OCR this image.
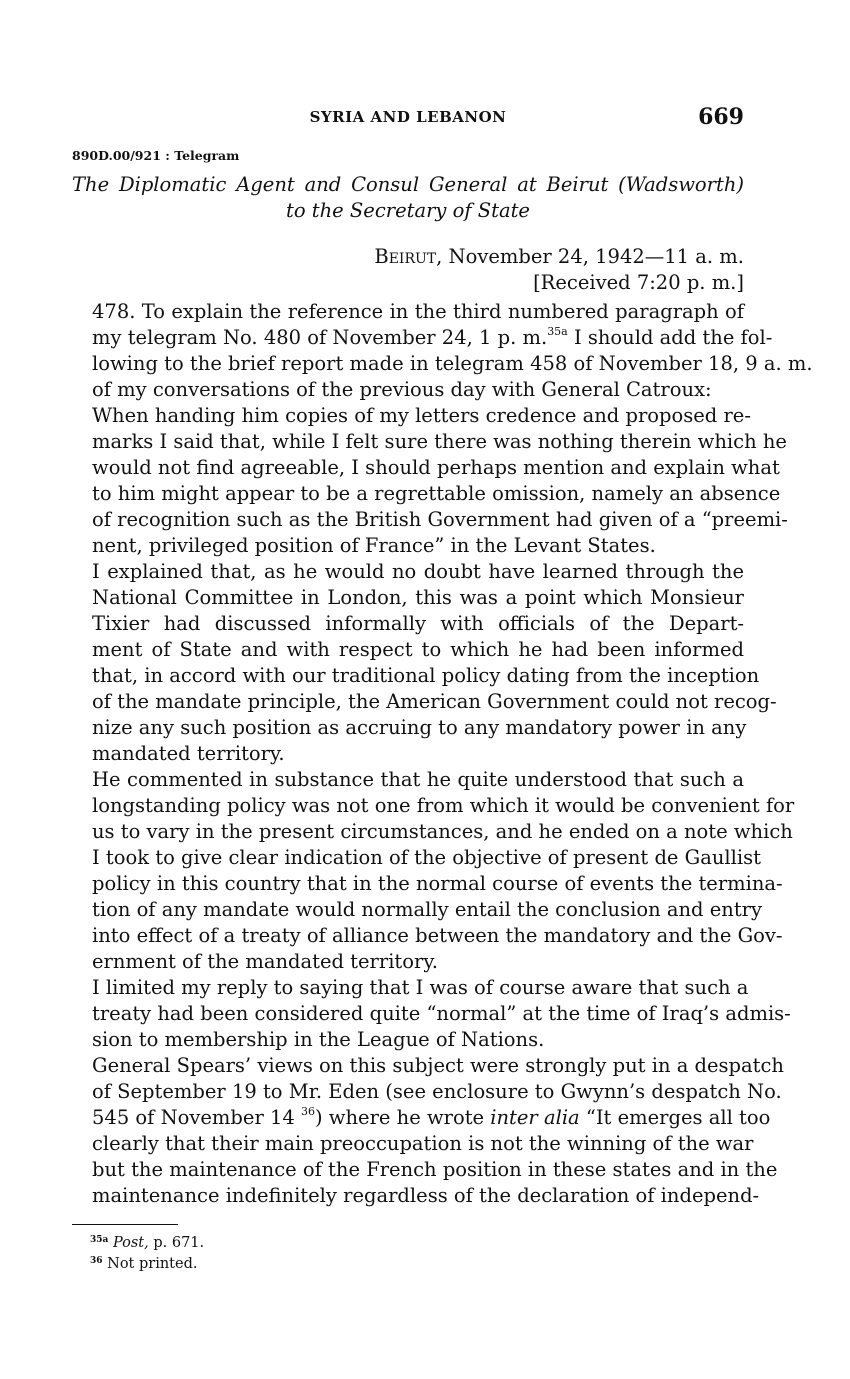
SYRIA AND LEBANON	669
890D.00/921 : Telegram
The Diplomatic Agent and Consul General at Beirut (Wadsworth)
to the Secretary of State
Beirut, November 24, 1942—11 a. m.
[Received 7:20 p. m.]

478. To explain the reference in the third numbered paragraph of
my telegram No. 480 of November 24, 1 p. m.$^{35a}$ I should add the fol-
lowing to the brief report made in telegram 458 of November 18, 9 a. m.
of my conversations of the previous day with General Catroux:

When handing him copies of my letters credence and proposed re-
marks I said that, while I felt sure there was nothing therein which he
would not find agreeable, I should perhaps mention and explain what
to him might appear to be a regrettable omission, namely an absence
of recognition such as the British Government had given of a “preemi-
nent, privileged position of France” in the Levant States.

I explained that, as he would no doubt have learned through the
National Committee in London, this was a point which Monsieur
Tixier had discussed informally with officials of the Depart-
ment of State and with respect to which he had been informed
that, in accord with our traditional policy dating from the inception
of the mandate principle, the American Government could not recog-
nize any such position as accruing to any mandatory power in any
mandated territory.

He commented in substance that he quite understood that such a
longstanding policy was not one from which it would be convenient for
us to vary in the present circumstances, and he ended on a note which
I took to give clear indication of the objective of present de Gaullist
policy in this country that in the normal course of events the termina-
tion of any mandate would normally entail the conclusion and entry
into effect of a treaty of alliance between the mandatory and the Gov-
ernment of the mandated territory.

I limited my reply to saying that I was of course aware that such a
treaty had been considered quite “normal” at the time of Iraq’s admis-
sion to membership in the League of Nations.

General Spears’ views on this subject were strongly put in a despatch
of September 19 to Mr. Eden (see enclosure to Gwynn’s despatch No.
545 of November 14 $^{36}$) where he wrote inter alia “It emerges all too
clearly that their main preoccupation is not the winning of the war
but the maintenance of the French position in these states and in the
maintenance indefinitely regardless of the declaration of independ-

$^{35a}$ Post, p. 671.
$^{36}$ Not printed.
